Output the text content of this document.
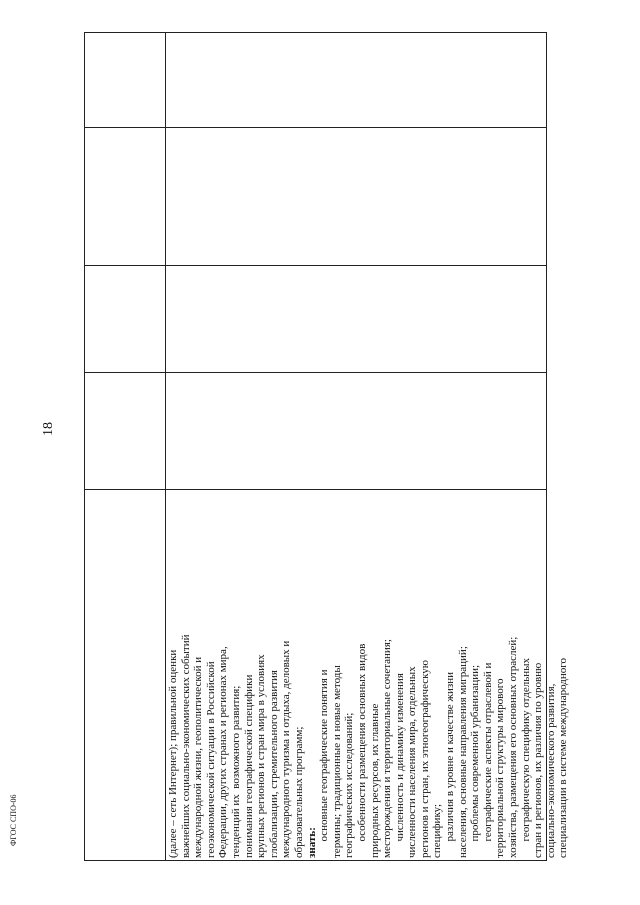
18
(далее – сеть Интернет); правильной оценки важнейших социально-экономических событий международной жизни, геополитической и геоэкономической ситуации в Российской Федерации, других странах и регионах мира, тенденций их  возможного развития; понимания географической специфики крупных регионов и стран мира в условиях глобализации, стремительного развития международного туризма и отдыха, деловых и образовательных программ; знать: основные географические понятия и термины; традиционные и новые методы географических исследований; особенности размещения основных видов природных ресурсов, их главные месторождения и территориальные сочетания; численность и динамику изменения численности населения мира, отдельных регионов и стран, их этногеографическую специфику; различия в уровне и качестве жизни населения, основные направления миграций; проблемы современной урбанизации; географические аспекты отраслевой и территориальной структуры мирового хозяйства, размещения его основных отраслей; географическую специфику отдельных стран и регионов, их различия по уровню социально-экономического развития, специализации в системе международного
ФГОС СПО-06
